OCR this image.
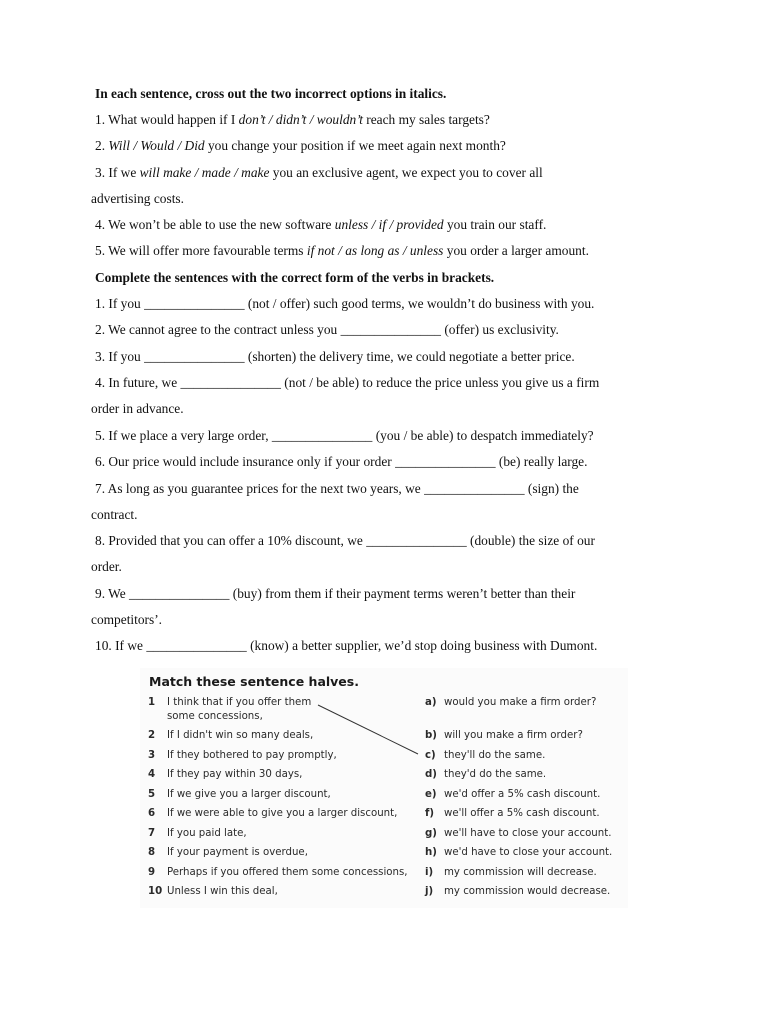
In each sentence, cross out the two incorrect options in italics.
1. What would happen if I don’t / didn’t / wouldn’t reach my sales targets?
2. Will / Would / Did you change your position if we meet again next month?
3. If we will make / made / make you an exclusive agent, we expect you to cover all
advertising costs.
4. We won’t be able to use the new software unless / if / provided you train our staff.
5. We will offer more favourable terms if not / as long as / unless you order a larger amount.
Complete the sentences with the correct form of the verbs in brackets.
1. If you _______________ (not / offer) such good terms, we wouldn’t do business with you.
2. We cannot agree to the contract unless you _______________ (offer) us exclusivity.
3. If you _______________ (shorten) the delivery time, we could negotiate a better price.
4. In future, we _______________ (not / be able) to reduce the price unless you give us a firm
order in advance.
5. If we place a very large order, _______________ (you / be able) to despatch immediately?
6. Our price would include insurance only if your order _______________ (be) really large.
7. As long as you guarantee prices for the next two years, we _______________ (sign) the
contract.
8. Provided that you can offer a 10% discount, we _______________ (double) the size of our
order.
9. We _______________ (buy) from them if their payment terms weren’t better than their
competitors’.
10. If we _______________ (know) a better supplier, we’d stop doing business with Dumont.
Match these sentence halves.
1 I think that if you offer them
some concessions,
2 If I didn't win so many deals,
3 If they bothered to pay promptly,
4 If they pay within 30 days,
5 If we give you a larger discount,
6 If we were able to give you a larger discount,
7 If you paid late,
8 If your payment is overdue,
9 Perhaps if you offered them some concessions,
10 Unless I win this deal,
a) would you make a firm order?
b) will you make a firm order?
c) they'll do the same.
d) they'd do the same.
e) we'd offer a 5% cash discount.
f) we'll offer a 5% cash discount.
g) we'll have to close your account.
h) we'd have to close your account.
i) my commission will decrease.
j) my commission would decrease.
